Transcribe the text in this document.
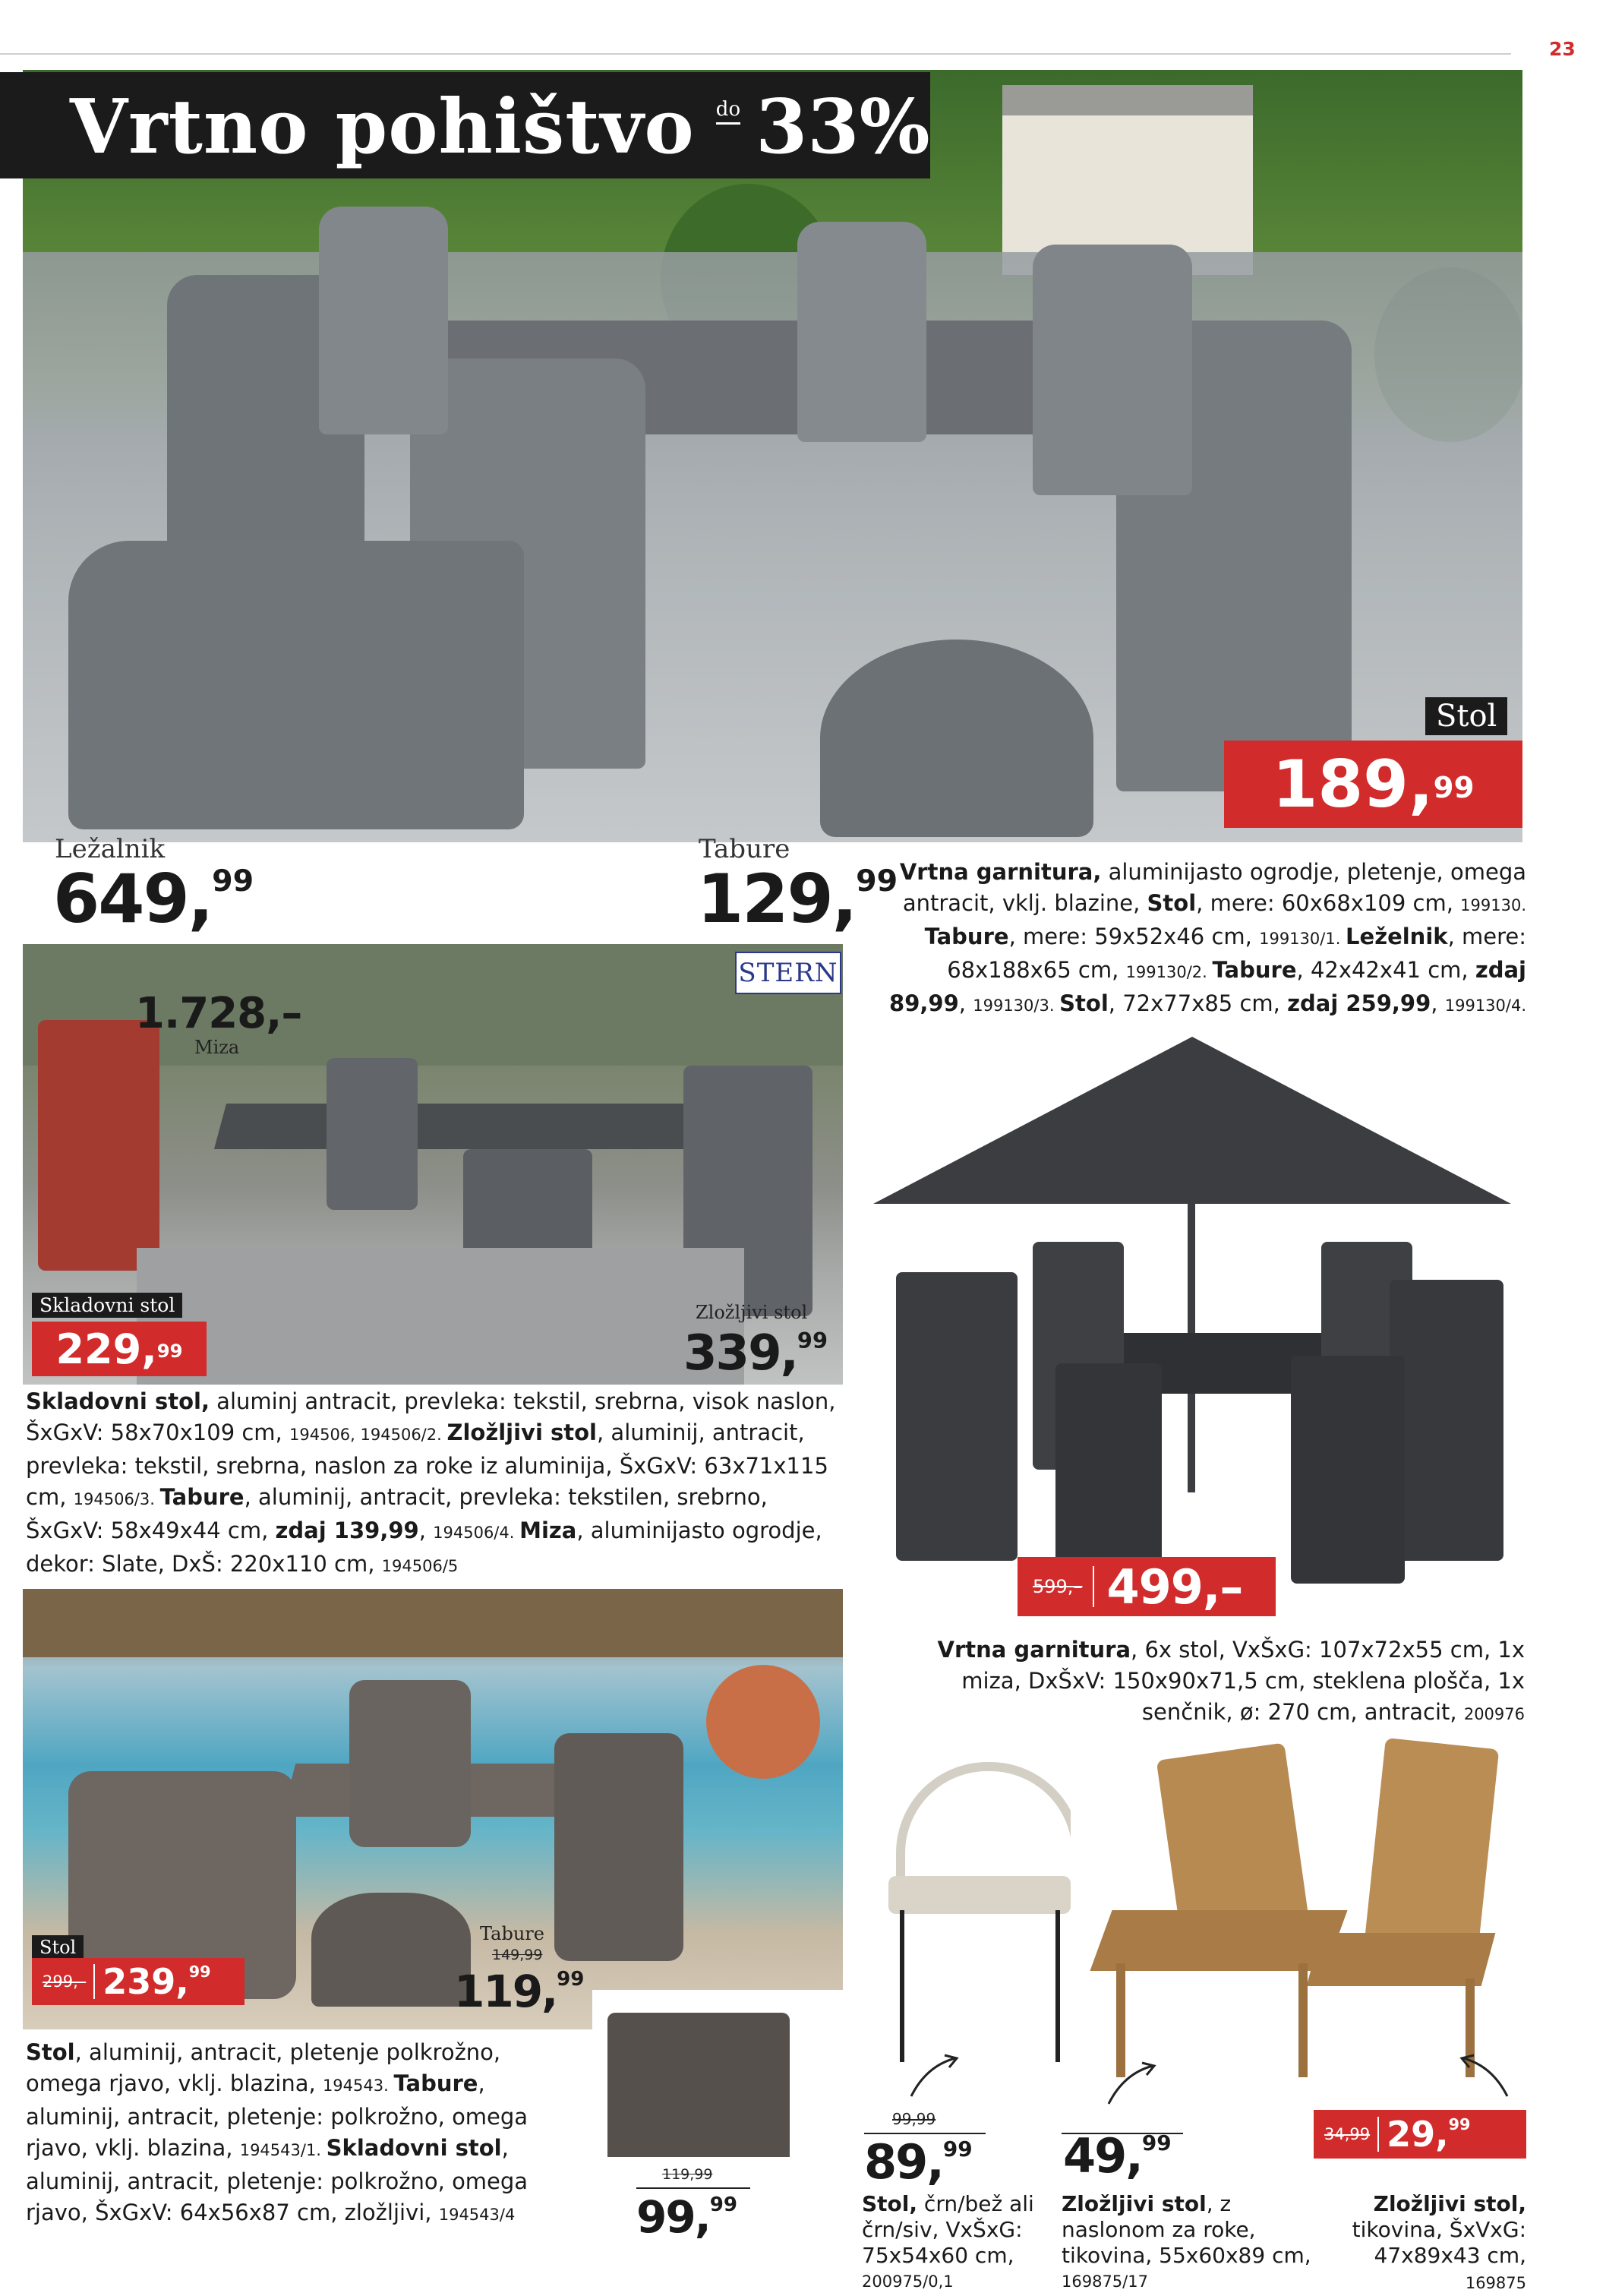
23
Vrtno pohištvo do 33%
Stol
189,99
Ležalnik
649,99
Tabure
129,99 Vrtna garnitura, aluminijasto ogrodje, pletenje, omega antracit, vklj. blazine, Stol, mere: 60x68x109 cm, 199130. Tabure, mere: 59x52x46 cm, 199130/1. Leželnik, mere: 68x188x65 cm, 199130/2. Tabure, 42x42x41 cm, zdaj 89,99, 199130/3. Stol, 72x77x85 cm, zdaj 259,99, 199130/4.
STERN
1.728,–
Miza
Skladovni stol
229,99
Zložljivi stol
339,99
Skladovni stol, aluminj antracit, prevleka: tekstil, srebrna, visok naslon, ŠxGxV: 58x70x109 cm, 194506, 194506/2. Zložljivi stol, aluminij, antracit, prevleka: tekstil, srebrna, naslon za roke iz aluminija, ŠxGxV: 63x71x115 cm, 194506/3. Tabure, aluminij, antracit, prevleka: tekstilen, srebrno, ŠxGxV: 58x49x44 cm, zdaj 139,99, 194506/4. Miza, aluminijasto ogrodje, dekor: Slate, DxŠ: 220x110 cm, 194506/5
599,– 499,–
Vrtna garnitura, 6x stol, VxŠxG: 107x72x55 cm, 1x miza, DxŠxV: 150x90x71,5 cm, steklena plošča, 1x senčnik, ø: 270 cm, antracit, 200976
Stol
299,– 239,99
Tabure
149,99
119,99
119,99
99,99
Stol, aluminij, antracit, pletenje polkrožno, omega rjavo, vklj. blazina, 194543. Tabure, aluminij, antracit, pletenje: polkrožno, omega rjavo, vklj. blazina, 194543/1. Skladovni stol, aluminij, antracit, pletenje: polkrožno, omega rjavo, ŠxGxV: 64x56x87 cm, zložljivi, 194543/4
99,99
89,99
Stol, črn/bež ali črn/siv, VxŠxG: 75x54x60 cm,
200975/0,1
49,99
Zložljivi stol, z naslonom za roke, tikovina, 55x60x89 cm,
169875/17
34,99 29,99
Zložljivi stol, tikovina, ŠxVxG: 47x89x43 cm, 169875
